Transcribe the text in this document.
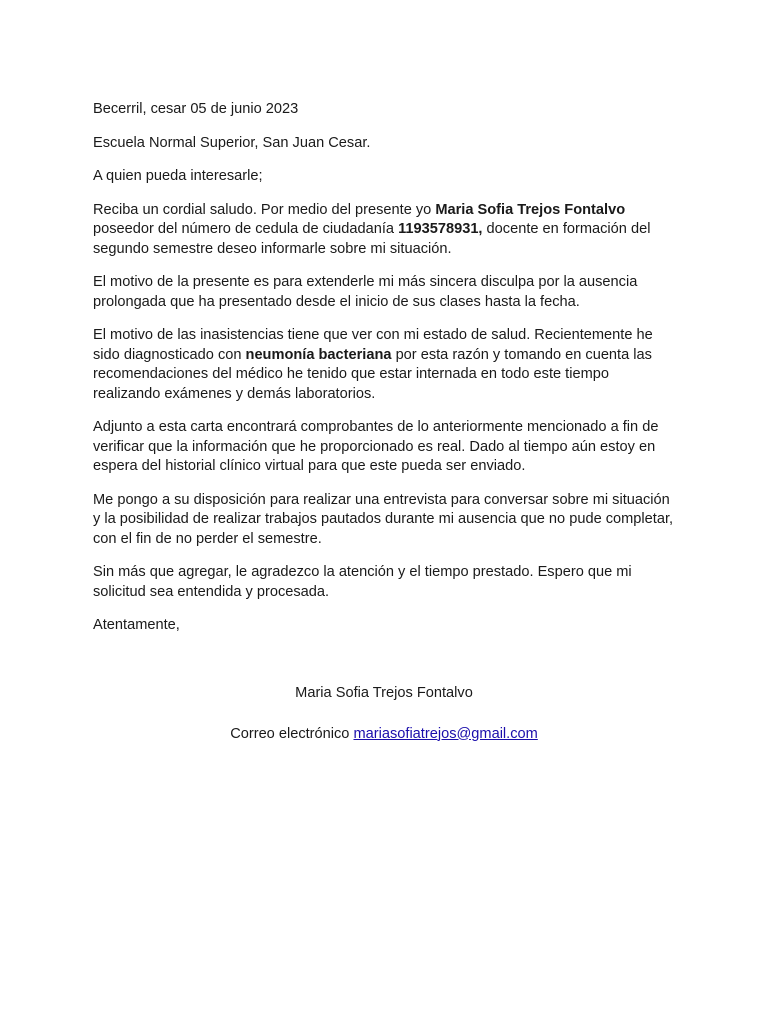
Becerril, cesar 05 de junio 2023

Escuela Normal Superior, San Juan Cesar.

A quien pueda interesarle;

Reciba un cordial saludo. Por medio del presente yo Maria Sofia Trejos Fontalvo poseedor del número de cedula de ciudadanía 1193578931, docente en formación del segundo semestre deseo informarle sobre mi situación.

El motivo de la presente es para extenderle mi más sincera disculpa por la ausencia prolongada que ha presentado desde el inicio de sus clases hasta la fecha.

El motivo de las inasistencias tiene que ver con mi estado de salud. Recientemente he sido diagnosticado con neumonía bacteriana por esta razón y tomando en cuenta las recomendaciones del médico he tenido que estar internada en todo este tiempo realizando exámenes y demás laboratorios.

Adjunto a esta carta encontrará comprobantes de lo anteriormente mencionado a fin de verificar que la información que he proporcionado es real. Dado al tiempo aún estoy en espera del historial clínico virtual para que este pueda ser enviado.

Me pongo a su disposición para realizar una entrevista para conversar sobre mi situación y la posibilidad de realizar trabajos pautados durante mi ausencia que no pude completar, con el fin de no perder el semestre.

Sin más que agregar, le agradezco la atención y el tiempo prestado. Espero que mi solicitud sea entendida y procesada.

Atentamente,

Maria Sofia Trejos Fontalvo

Correo electrónico mariasofiatrejos@gmail.com
